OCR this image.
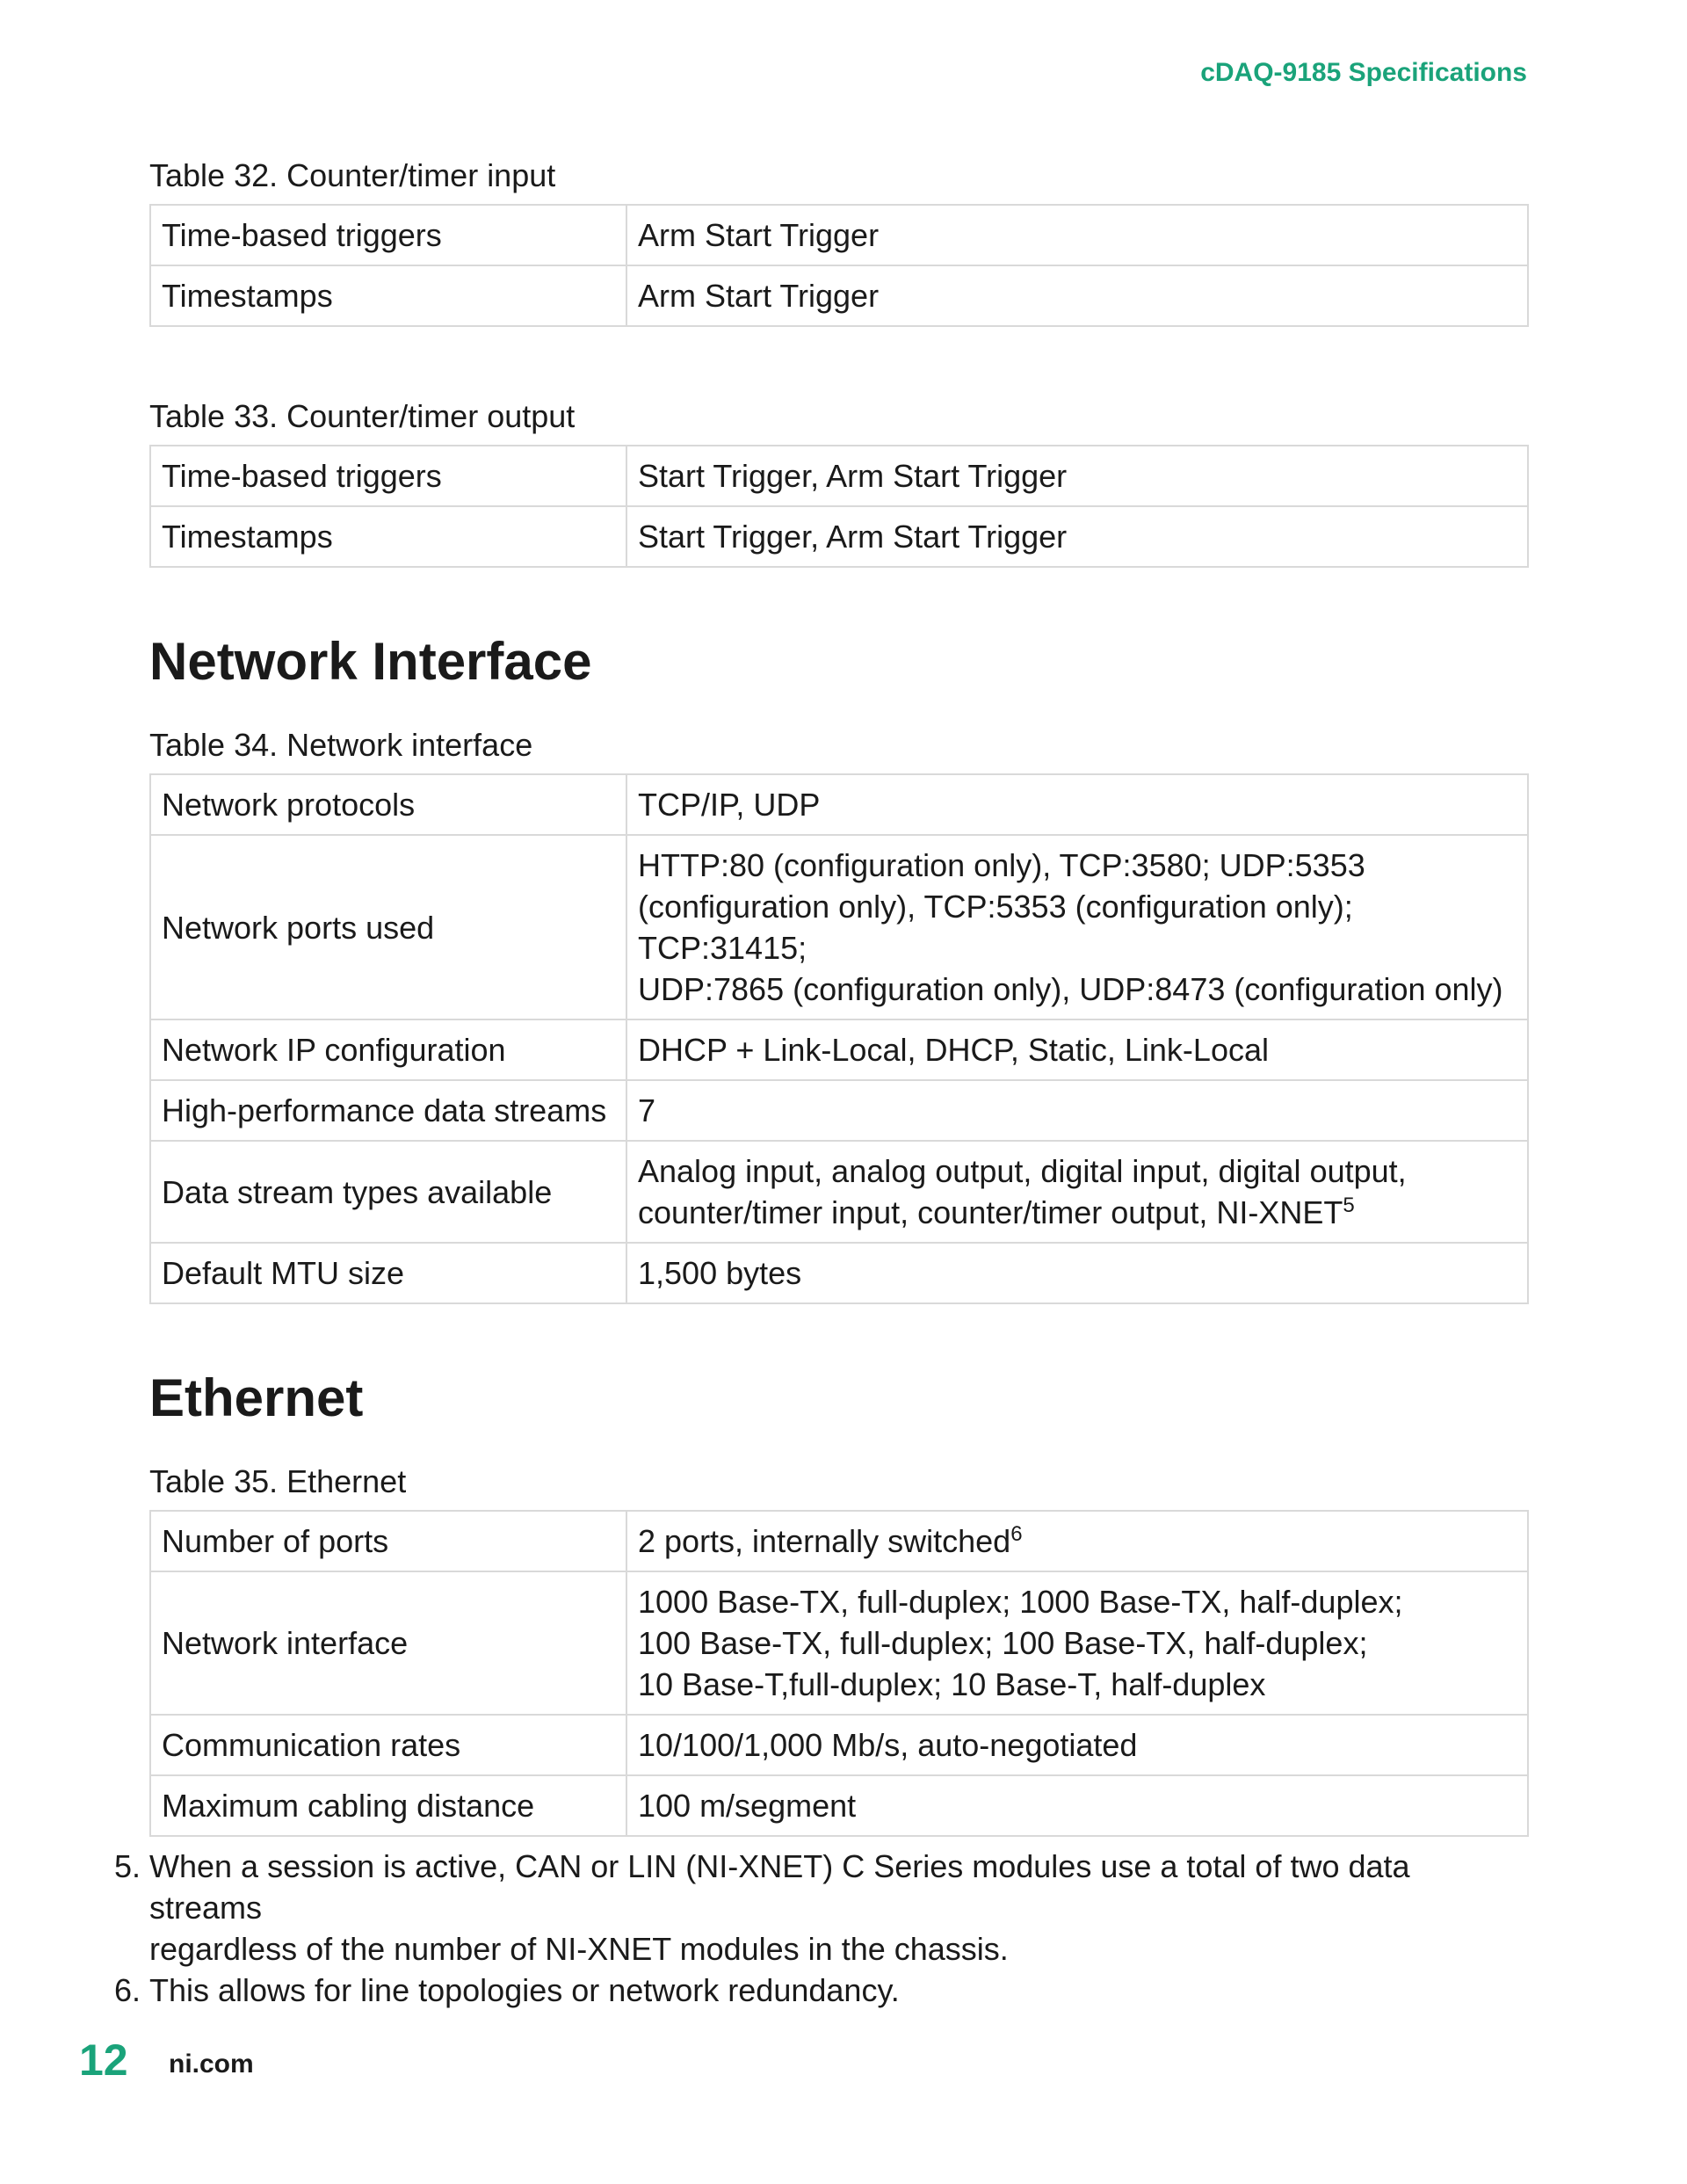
cDAQ-9185 Specifications
Table 32. Counter/timer input
Time-based triggers	Arm Start Trigger
Timestamps	Arm Start Trigger
Table 33. Counter/timer output
Time-based triggers	Start Trigger, Arm Start Trigger
Timestamps	Start Trigger, Arm Start Trigger
Network Interface
Table 34. Network interface
Network protocols	TCP/IP, UDP
Network ports used	HTTP:80 (configuration only), TCP:3580; UDP:5353
(configuration only), TCP:5353 (configuration only); TCP:31415;
UDP:7865 (configuration only), UDP:8473 (configuration only)
Network IP configuration	DHCP + Link-Local, DHCP, Static, Link-Local
High-performance data streams	7
Data stream types available	Analog input, analog output, digital input, digital output,
counter/timer input, counter/timer output, NI-XNET$^5$
Default MTU size	1,500 bytes
Ethernet
Table 35. Ethernet
Number of ports	2 ports, internally switched$^6$
Network interface	1000 Base-TX, full-duplex; 1000 Base-TX, half-duplex;
100 Base-TX, full-duplex; 100 Base-TX, half-duplex;
10 Base-T,full-duplex; 10 Base-T, half-duplex
Communication rates	10/100/1,000 Mb/s, auto-negotiated
Maximum cabling distance	100 m/segment
5. When a session is active, CAN or LIN (NI-XNET) C Series modules use a total of two data streams
regardless of the number of NI-XNET modules in the chassis.
6. This allows for line topologies or network redundancy.
12 ni.com
